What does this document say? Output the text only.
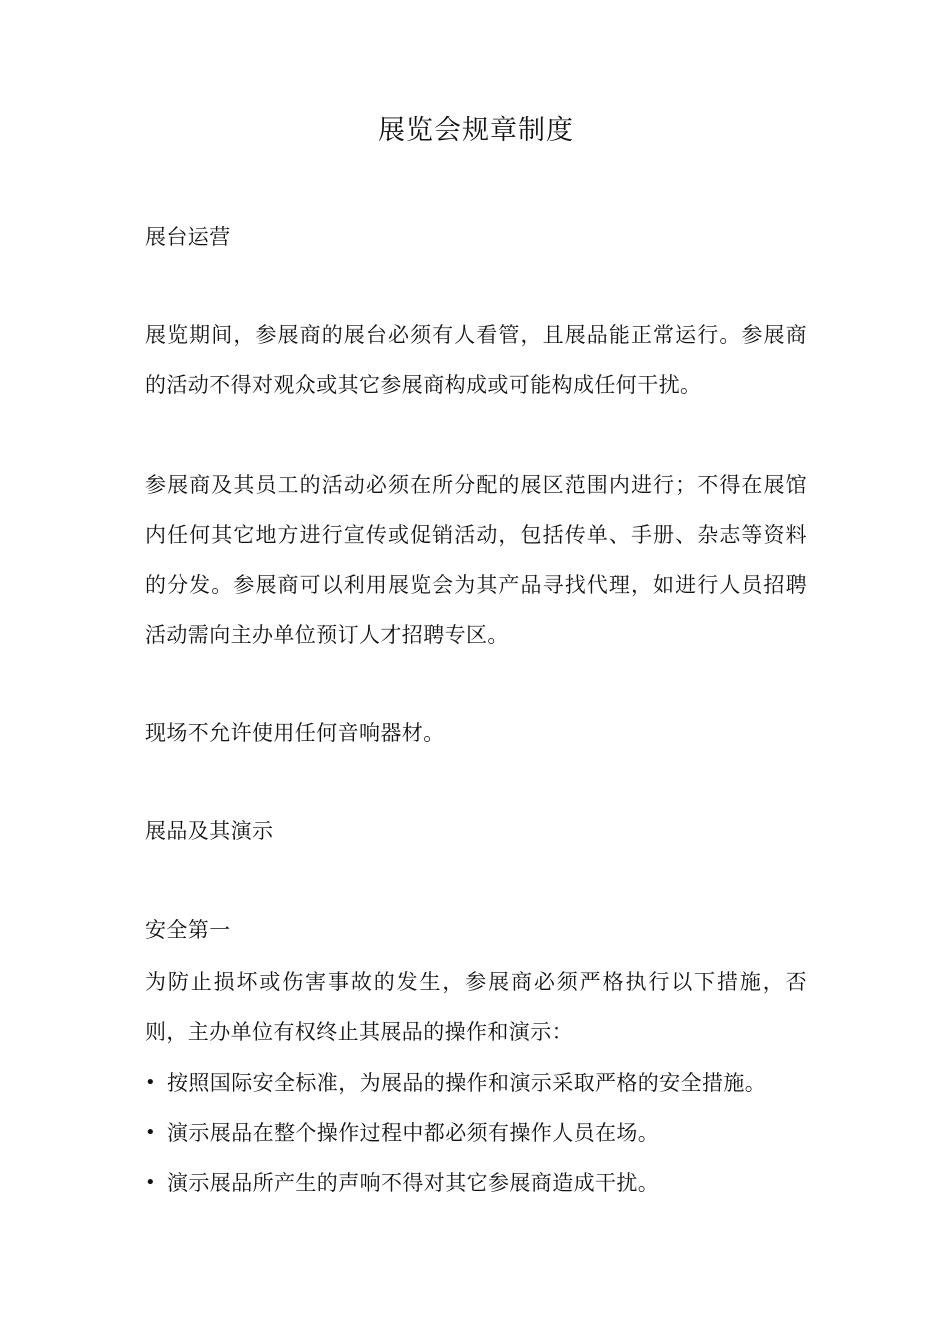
展览会规章制度
展台运营
展览期间，参展商的展台必须有人看管，且展品能正常运行。参展商的活动不得对观众或其它参展商构成或可能构成任何干扰。
参展商及其员工的活动必须在所分配的展区范围内进行；不得在展馆内任何其它地方进行宣传或促销活动，包括传单、手册、杂志等资料的分发。参展商可以利用展览会为其产品寻找代理，如进行人员招聘活动需向主办单位预订人才招聘专区。
现场不允许使用任何音响器材。
展品及其演示
安全第一
为防止损坏或伤害事故的发生，参展商必须严格执行以下措施，否则，主办单位有权终止其展品的操作和演示：
• 按照国际安全标准，为展品的操作和演示采取严格的安全措施。
• 演示展品在整个操作过程中都必须有操作人员在场。
• 演示展品所产生的声响不得对其它参展商造成干扰。
